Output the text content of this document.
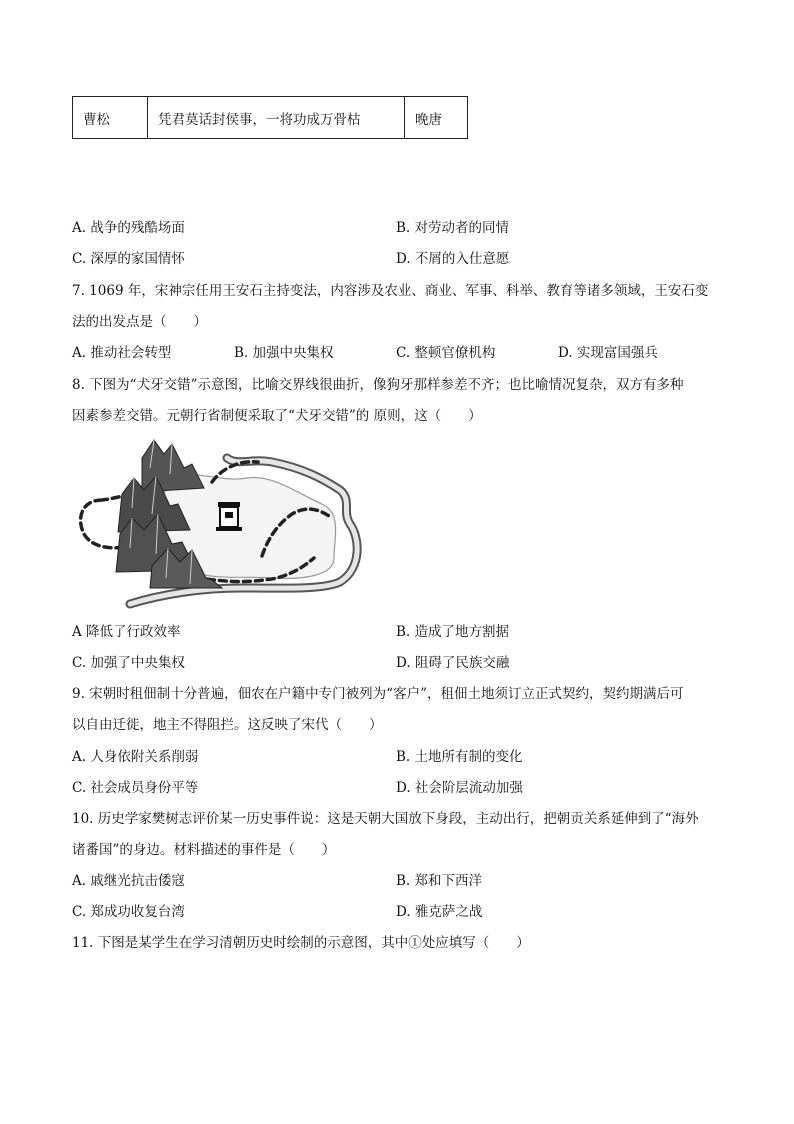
曹松	凭君莫话封侯事，一将功成万骨枯	晚唐
A. 战争的残酷场面	B. 对劳动者的同情
C. 深厚的家国情怀	D. 不屑的入仕意愿
7. 1069 年，宋神宗任用王安石主持变法，内容涉及农业、商业、军事、科举、教育等诸多领域，王安石变
法的出发点是（　　）
A. 推动社会转型	B. 加强中央集权	C. 整顿官僚机构	D. 实现富国强兵
8. 下图为“犬牙交错”示意图，比喻交界线很曲折，像狗牙那样参差不齐；也比喻情况复杂，双方有多种
因素参差交错。元朝行省制便采取了“犬牙交错”的 原则，这（　　）
A 降低了行政效率	B. 造成了地方割据
C. 加强了中央集权	D. 阻碍了民族交融
9. 宋朝时租佃制十分普遍，佃农在户籍中专门被列为“客户”，租佃土地须订立正式契约，契约期满后可
以自由迁徙，地主不得阻拦。这反映了宋代（　　）
A. 人身依附关系削弱	B. 土地所有制的变化
C. 社会成员身份平等	D. 社会阶层流动加强
10. 历史学家樊树志评价某一历史事件说：这是天朝大国放下身段，主动出行，把朝贡关系延伸到了“海外
诸番国”的身边。材料描述的事件是（　　）
A. 戚继光抗击倭寇	B. 郑和下西洋
C. 郑成功收复台湾	D. 雅克萨之战
11. 下图是某学生在学习清朝历史时绘制的示意图，其中①处应填写（　　）
